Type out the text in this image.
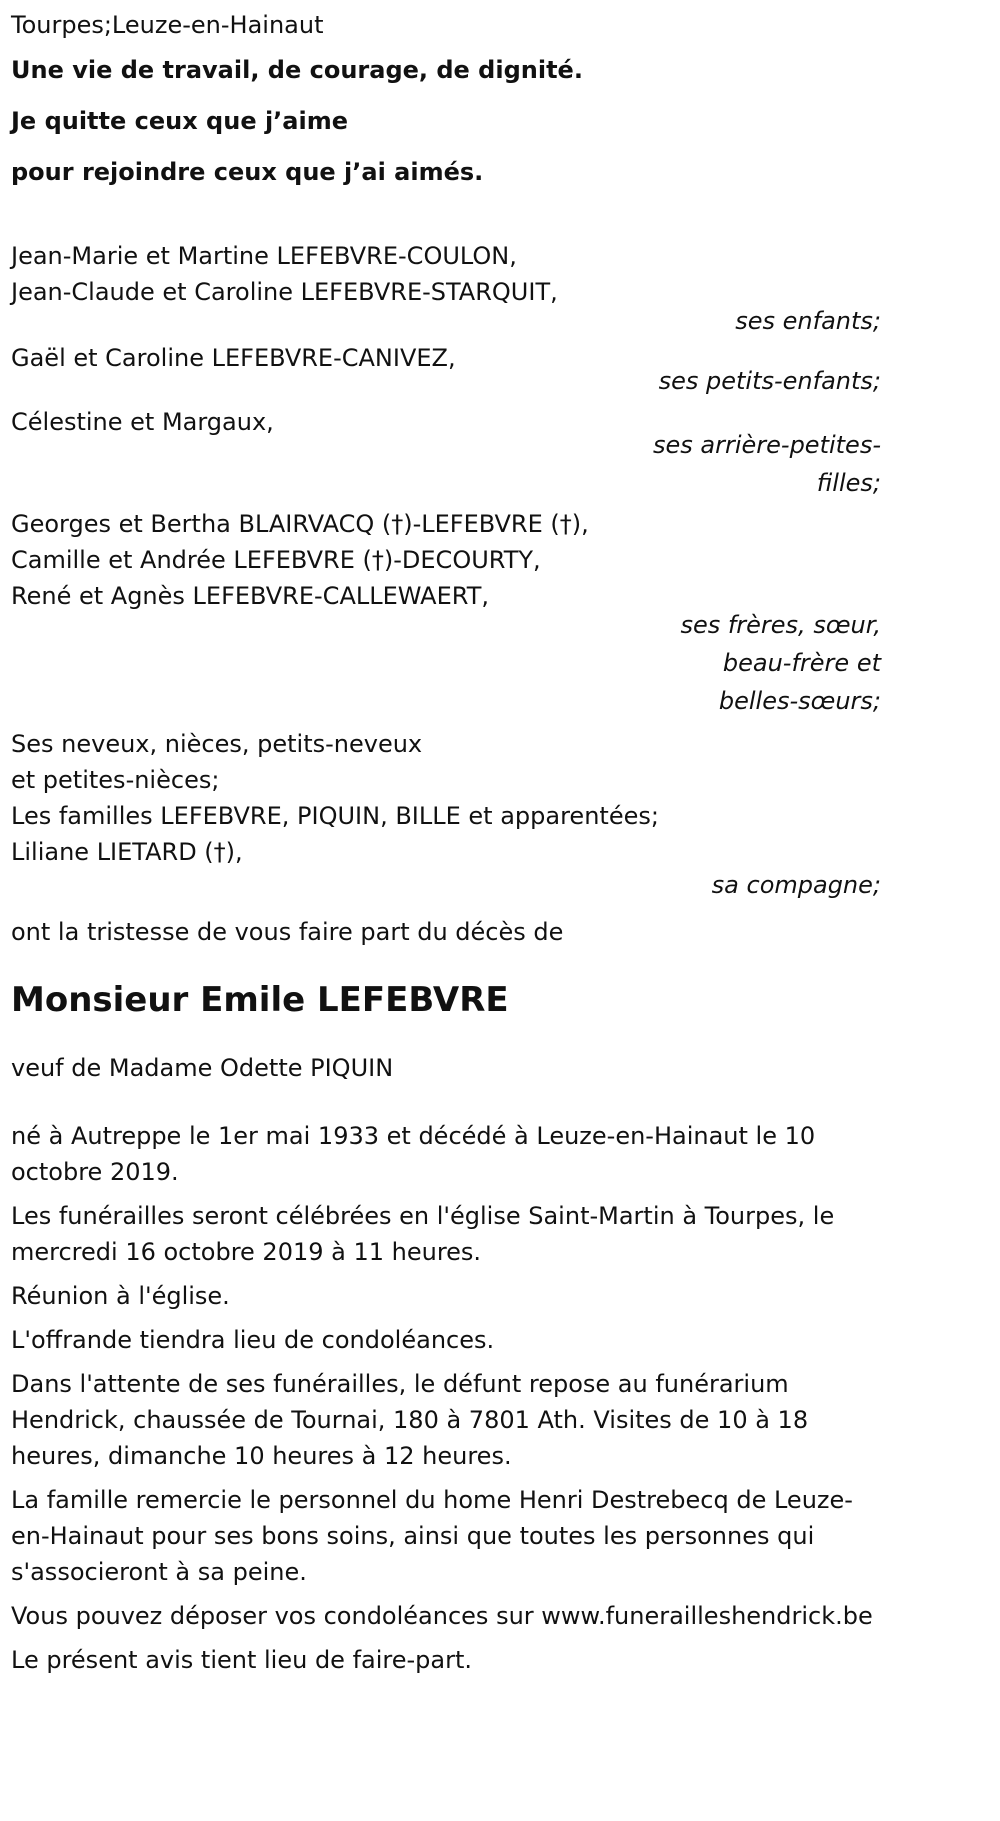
Tourpes;Leuze-en-Hainaut
Une vie de travail, de courage, de dignité.
Je quitte ceux que j’aime
pour rejoindre ceux que j’ai aimés.
Jean-Marie et Martine LEFEBVRE-COULON,
Jean-Claude et Caroline LEFEBVRE-STARQUIT,
ses enfants;
Gaël et Caroline LEFEBVRE-CANIVEZ,
ses petits-enfants;
Célestine et Margaux,
ses arrière-petites-
filles;
Georges et Bertha BLAIRVACQ (†)-LEFEBVRE (†),
Camille et Andrée LEFEBVRE (†)-DECOURTY,
René et Agnès LEFEBVRE-CALLEWAERT,
ses frères, sœur,
beau-frère et
belles-sœurs;
Ses neveux, nièces, petits-neveux
et petites-nièces;
Les familles LEFEBVRE, PIQUIN, BILLE et apparentées;
Liliane LIETARD (†),
sa compagne;
ont la tristesse de vous faire part du décès de
Monsieur Emile LEFEBVRE
veuf de Madame Odette PIQUIN
né à Autreppe le 1er mai 1933 et décédé à Leuze-en-Hainaut le 10 octobre 2019.
Les funérailles seront célébrées en l'église Saint-Martin à Tourpes, le mercredi 16 octobre 2019 à 11 heures.
Réunion à l'église.
L'offrande tiendra lieu de condoléances.
Dans l'attente de ses funérailles, le défunt repose au funérarium Hendrick, chaussée de Tournai, 180 à 7801 Ath. Visites de 10 à 18 heures, dimanche 10 heures à 12 heures.
La famille remercie le personnel du home Henri Destrebecq de Leuze-en-Hainaut pour ses bons soins, ainsi que toutes les personnes qui s'associeront à sa peine.
Vous pouvez déposer vos condoléances sur www.funerailleshendrick.be
Le présent avis tient lieu de faire-part.
